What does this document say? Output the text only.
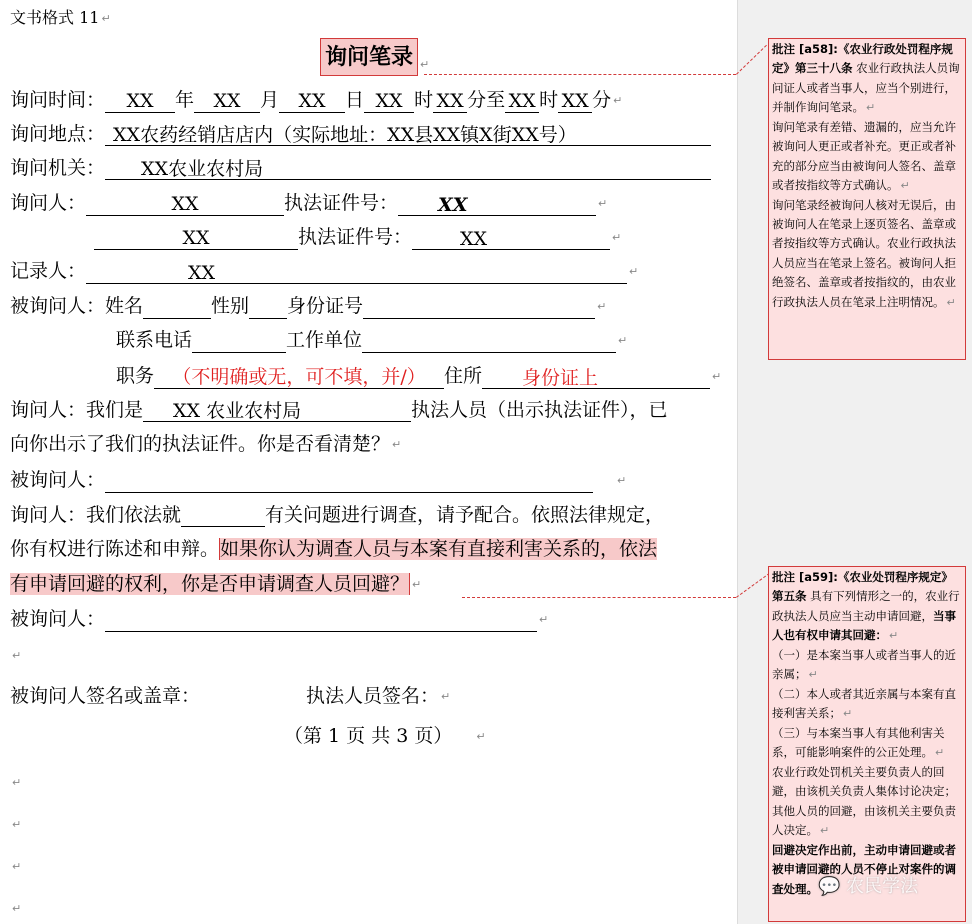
文书格式 11 ↵
询问笔录 ↵
询问时间： XX 年 XX 月 XX 日 XX 时 XX 分至 XX 时 XX 分 ↵
询问地点： XX农药经销店店内（实际地址：XX县XX镇X街XX号）
询问机关： XX农业农村局
询问人：	XX	执法证件号： XX	↵
XX	执法证件号：	XX	↵
记录人：	XX	↵
被询问人：姓名	性别 身份证号	↵
联系电话	工作单位	↵
职务 （不明确或无，可不填，并/） 住所 身份证上	↵
询问人：我们是 XX 农业农村局	执法人员（出示执法证件），已
向你出示了我们的执法证件。你是否看清楚？ ↵
被询问人：	↵
询问人：我们依法就	有关问题进行调查，请予配合。依照法律规定，
你有权进行陈述和申辩。如果你认为调查人员与本案有直接利害关系的，依法
有申请回避的权利，你是否申请调查人员回避？ ↵
被询问人：	↵
↵
被询问人签名或盖章：	执法人员签名： ↵
（第 1 页 共 3 页） ↵
↵
↵
↵
↵

批注 [a58]:《农业行政处罚程序规定》第三十八条 农业行政执法人员询问证人或者当事人，应当个别进行，并制作询问笔录。 ↵

询问笔录有差错、遗漏的，应当允许被询问人更正或者补充。更正或者补充的部分应当由被询问人签名、盖章或者按指纹等方式确认。 ↵

询问笔录经被询问人核对无误后，由被询问人在笔录上逐页签名、盖章或者按指纹等方式确认。农业行政执法人员应当在笔录上签名。被询问人拒绝签名、盖章或者按指纹的，由农业行政执法人员在笔录上注明情况。 ↵

批注 [a59]:《农业处罚程序规定》第五条 具有下列情形之一的，农业行政执法人员应当主动申请回避，当事人也有权申请其回避： ↵

（一）是本案当事人或者当事人的近亲属； ↵

（二）本人或者其近亲属与本案有直接利害关系； ↵

（三）与本案当事人有其他利害关系，可能影响案件的公正处理。 ↵

农业行政处罚机关主要负责人的回避，由该机关负责人集体讨论决定；其他人员的回避，由该机关主要负责人决定。 ↵

回避决定作出前，主动申请回避或者被申请回避的人员不停止对案件的调查处理。 💬 农民学法
